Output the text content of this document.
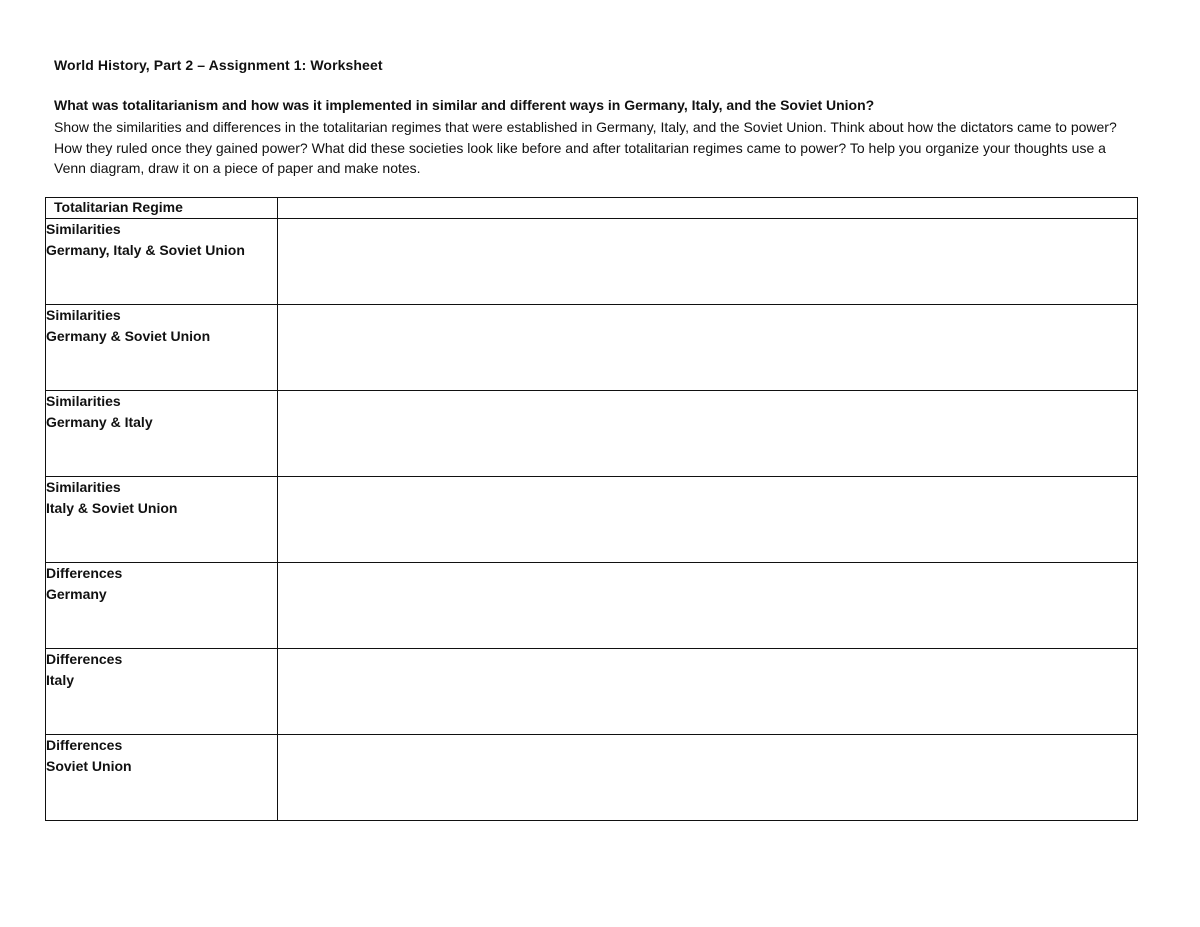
World History, Part 2 – Assignment 1: Worksheet
What was totalitarianism and how was it implemented in similar and different ways in Germany, Italy, and the Soviet Union?
Show the similarities and differences in the totalitarian regimes that were established in Germany, Italy, and the Soviet Union. Think about how the dictators came to power? How they ruled once they gained power? What did these societies look like before and after totalitarian regimes came to power? To help you organize your thoughts use a Venn diagram, draw it on a piece of paper and make notes.
Totalitarian Regime	

Similarities
Germany, Italy & Soviet Union	

Similarities
Germany & Soviet Union	

Similarities
Germany & Italy	

Similarities
Italy & Soviet Union	

Differences
Germany	

Differences
Italy	

Differences
Soviet Union	
